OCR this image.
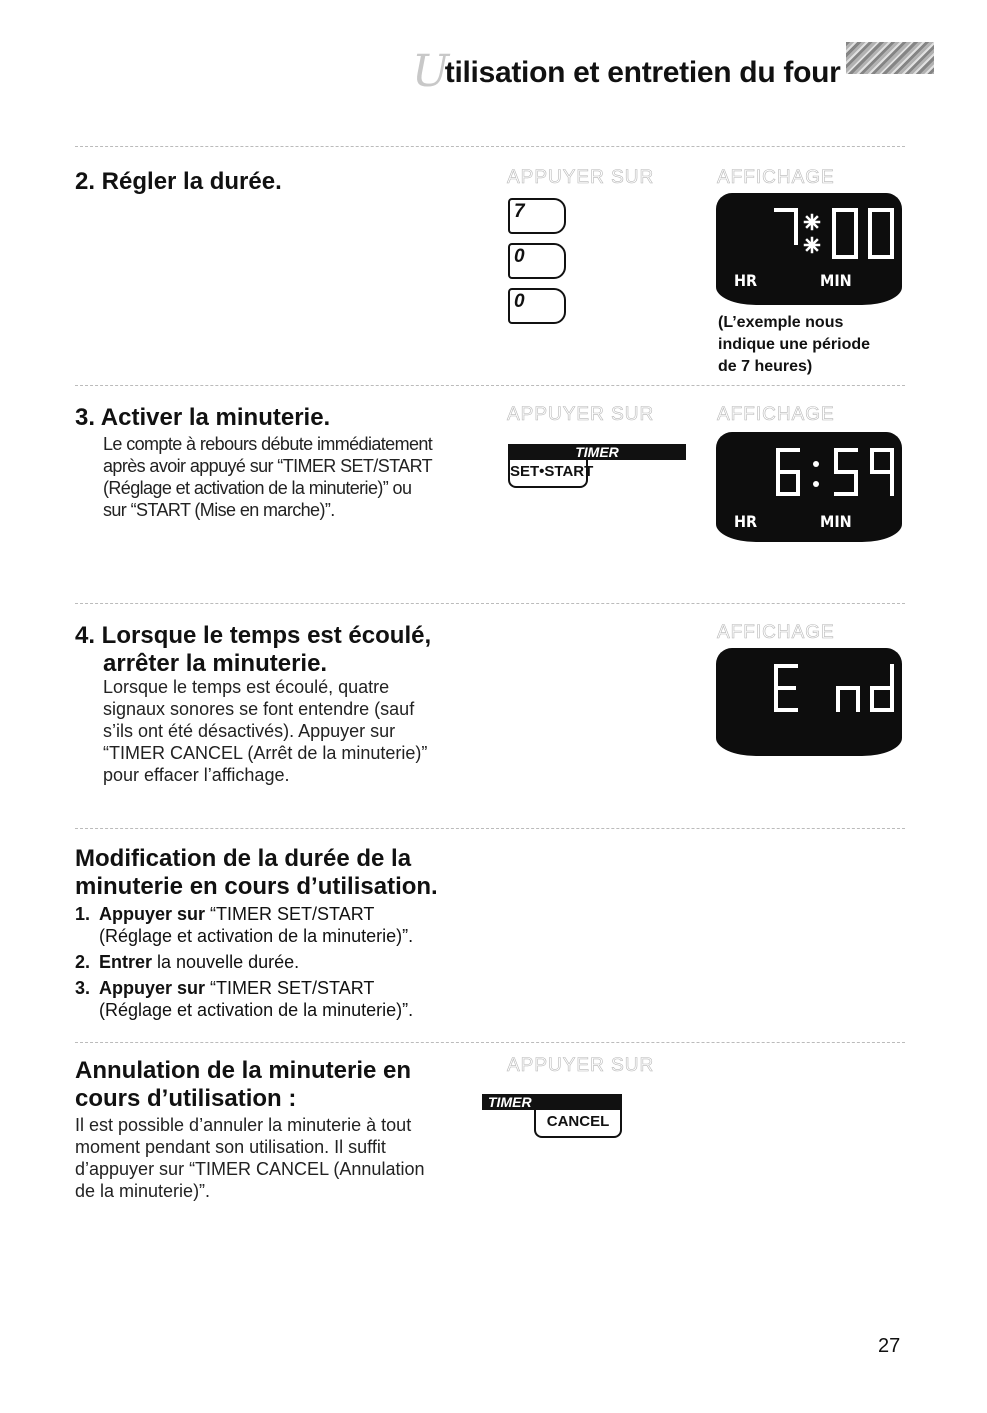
Utilisation et entretien du four
2. Régler la durée.	APPUYER SUR	AFFICHAGE
7
0
0
HR	MIN
(L’exemple nous
indique une période
de 7 heures)
3. Activer la minuterie.
Le compte à rebours débute immédiatement
après avoir appuyé sur “TIMER SET/START
(Réglage et activation de la minuterie)” ou
sur “START (Mise en marche)”.
APPUYER SUR	AFFICHAGE
TIMER
SET•START
HR	MIN
4. Lorsque le temps est écoulé,
arrêter la minuterie.
Lorsque le temps est écoulé, quatre
signaux sonores se font entendre (sauf
s’ils ont été désactivés). Appuyer sur
“TIMER CANCEL (Arrêt de la minuterie)”
pour effacer l’affichage.
AFFICHAGE
Modification de la durée de la
minuterie en cours d’utilisation.
1. Appuyer sur “TIMER SET/START
(Réglage et activation de la minuterie)”.
2. Entrer la nouvelle durée.
3. Appuyer sur “TIMER SET/START
(Réglage et activation de la minuterie)”.
Annulation de la minuterie en
cours d’utilisation :
Il est possible d’annuler la minuterie à tout
moment pendant son utilisation. Il suffit
d’appuyer sur “TIMER CANCEL (Annulation
de la minuterie)”.
APPUYER SUR
TIMER
CANCEL
27
